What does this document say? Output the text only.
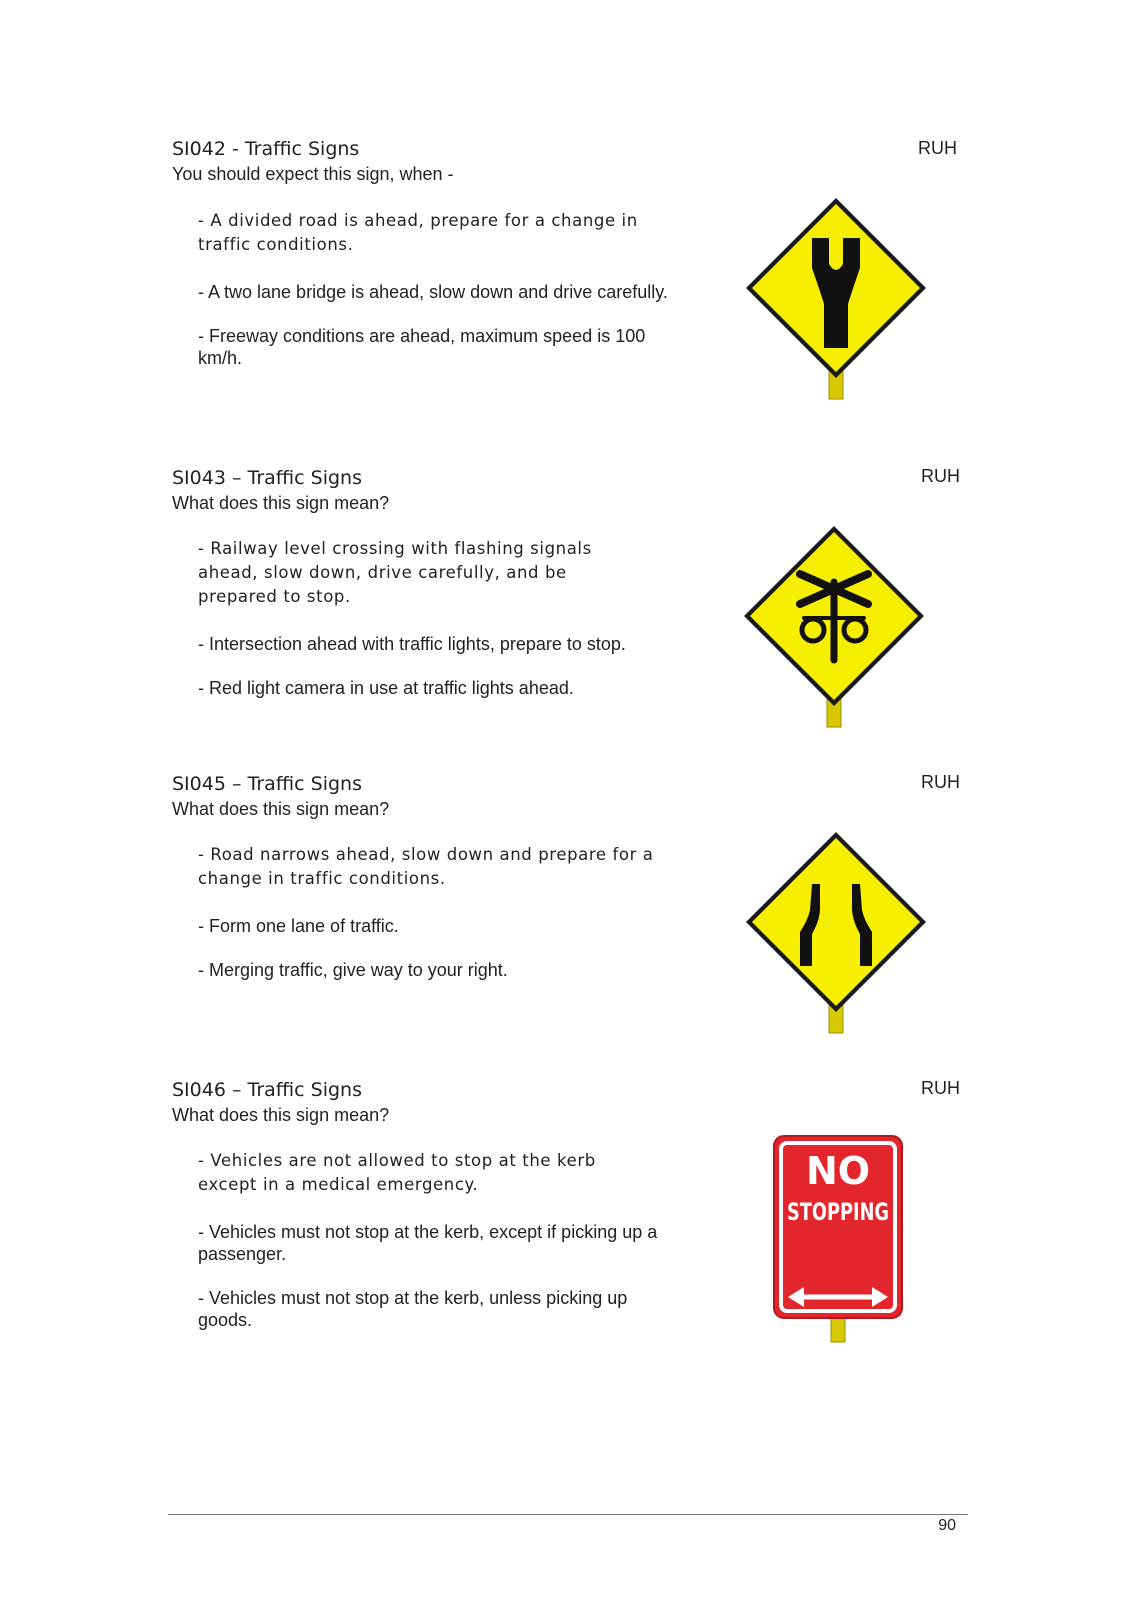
SI042 - Traffic Signs	RUH
You should expect this sign, when -
- A divided road is ahead, prepare for a change in traffic conditions.
- A two lane bridge is ahead, slow down and drive carefully.
- Freeway conditions are ahead, maximum speed is 100 km/h.
SI043 – Traffic Signs	RUH
What does this sign mean?
- Railway level crossing with flashing signals ahead, slow down, drive carefully, and be prepared to stop.
- Intersection ahead with traffic lights, prepare to stop.
- Red light camera in use at traffic lights ahead.
SI045 – Traffic Signs	RUH
What does this sign mean?
- Road narrows ahead, slow down and prepare for a change in traffic conditions.
- Form one lane of traffic.
- Merging traffic, give way to your right.
SI046 – Traffic Signs	RUH
What does this sign mean?
- Vehicles are not allowed to stop at the kerb except in a medical emergency.
- Vehicles must not stop at the kerb, except if picking up a passenger.
- Vehicles must not stop at the kerb, unless picking up goods.
NO
STOPPING
90
